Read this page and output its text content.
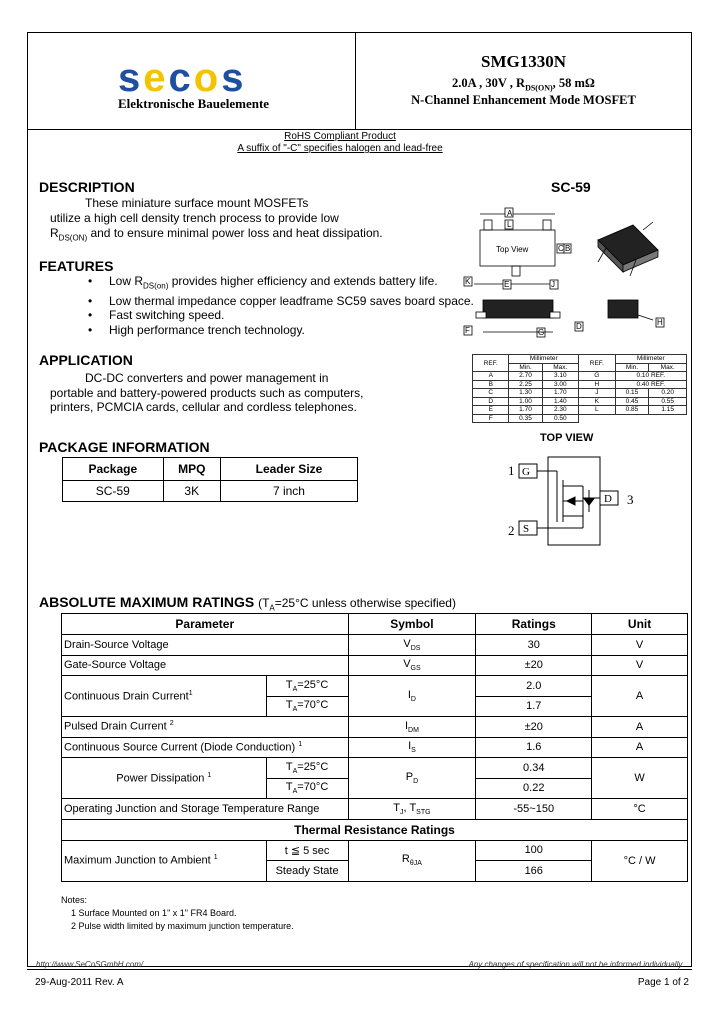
secos
Elektronische Bauelemente
SMG1330N
2.0A , 30V , $R_{DS(ON)}$, 58 mΩ
N-Channel Enhancement Mode MOSFET
RoHS Compliant Product
A suffix of "-C" specifies halogen and lead-free
DESCRIPTION
These miniature surface mount MOSFETs
utilize a high cell density trench process to provide low
$R_{DS(ON)}$ and to ensure minimal power loss and heat dissipation.
FEATURES
• Low $R_{DS(on)}$ provides higher efficiency and extends battery life.
• Low thermal impedance copper leadframe SC59 saves board space.
• Fast switching speed.
• High performance trench technology.
APPLICATION
DC-DC converters and power management in
portable and battery-powered products such as computers,
printers, PCMCIA cards, cellular and cordless telephones.
PACKAGE INFORMATION
Package	MPQ	Leader Size
SC-59	3K	7 inch
SC-59
Top View
A
L
C B
K	E	J
F	G
D	H
REF.	Millimeter		REF.	Millimeter	
	Min.	Max.		Min.	Max.
A	2.70	3.10	G	0.10 REF.	
B	2.25	3.00	H	0.40 REF.	
C	1.30	1.70	J	0.15	0.20
D	1.00	1.40	K	0.45	0.55
E	1.70	2.30	L	0.85	1.15
F	0.35	0.50			
TOP VIEW
G
S
D
1
2
3
ABSOLUTE MAXIMUM RATINGS ($T_A=25^\circ C$ unless otherwise specified)
Parameter		Symbol	Ratings	Unit
Drain-Source Voltage		$V_{DS}$	30	V
Gate-Source Voltage		$V_{GS}$	±20	V
Continuous Drain Current$^1$	$T_A=25^\circ C$	$I_D$	2.0	A
	$T_A=70^\circ C$		1.7	
Pulsed Drain Current $^2$		$I_{DM}$	±20	A
Continuous Source Current (Diode Conduction) $^1$		$I_S$	1.6	A
Power Dissipation $^1$	$T_A=25^\circ C$	$P_D$	0.34	W
	$T_A=70^\circ C$		0.22	
Operating Junction and Storage Temperature Range		$T_J$, $T_{STG}$	-55~150	°C
Thermal Resistance Ratings				
Maximum Junction to Ambient $^1$	t ≦ 5 sec	$R_{\theta JA}$	100	°C / W
	Steady State		166	
Notes:
1 Surface Mounted on 1" x 1" FR4 Board.
2 Pulse width limited by maximum junction temperature.
http://www.SeCoSGmbH.com/	Any changes of specification will not be informed individually.
29-Aug-2011 Rev. A	Page 1 of 2
